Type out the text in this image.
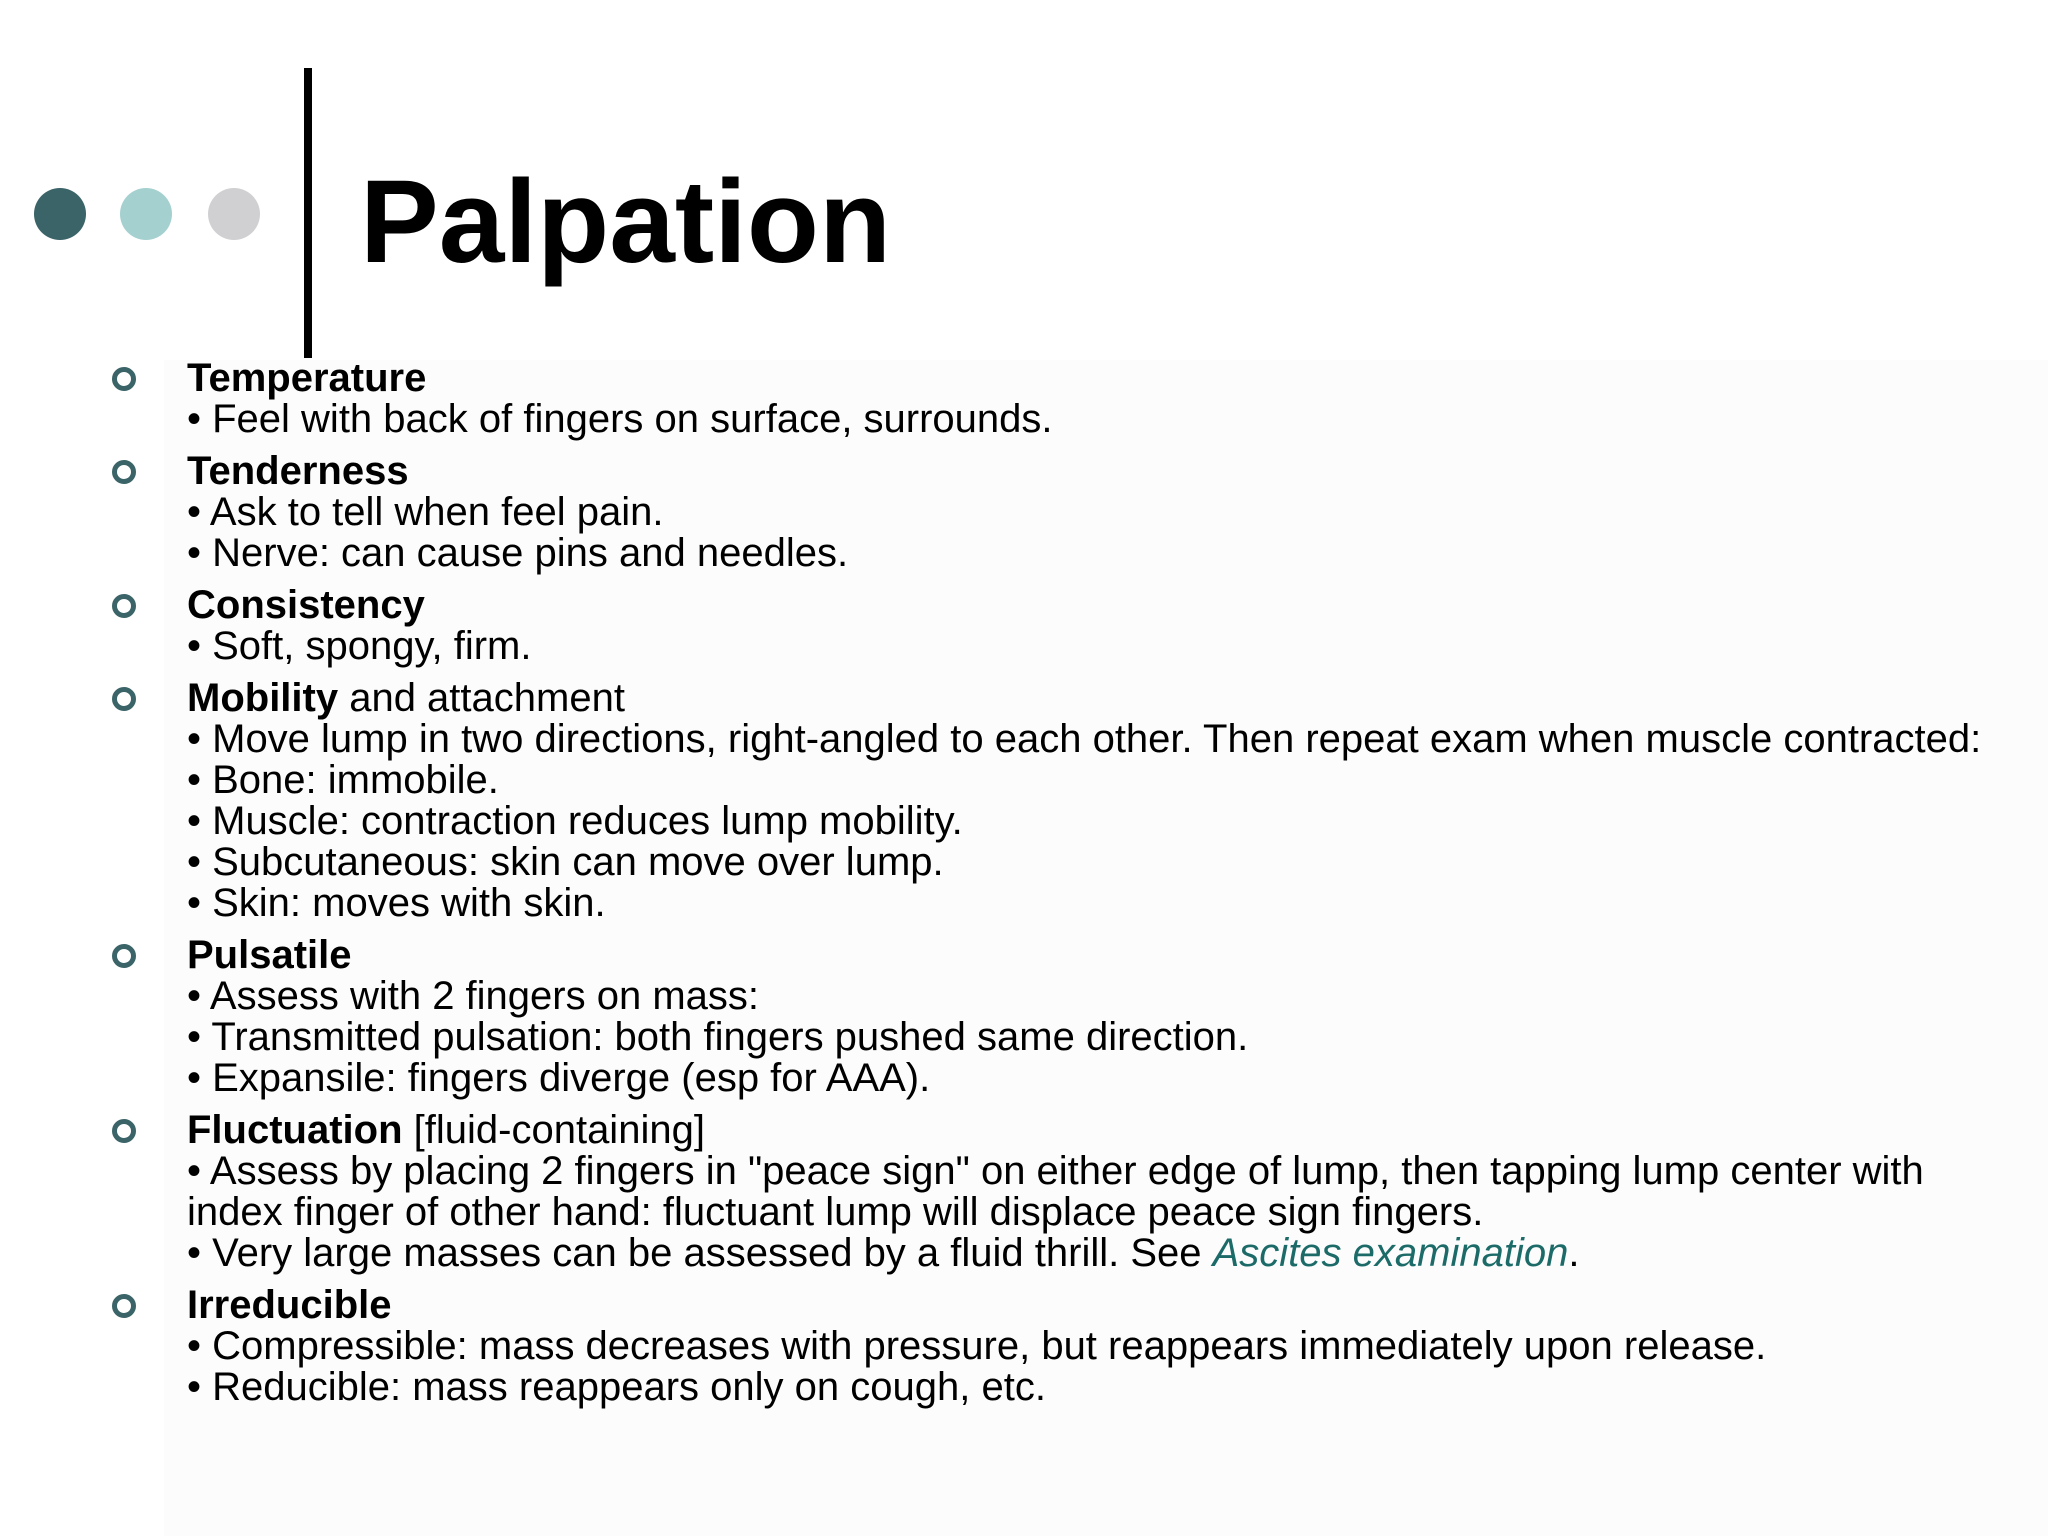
Palpation
Temperature
• Feel with back of fingers on surface, surrounds.
Tenderness
• Ask to tell when feel pain.
• Nerve: can cause pins and needles.
Consistency
• Soft, spongy, firm.
Mobility and attachment
• Move lump in two directions, right-angled to each other. Then repeat exam when muscle contracted:
• Bone: immobile.
• Muscle: contraction reduces lump mobility.
• Subcutaneous: skin can move over lump.
• Skin: moves with skin.
Pulsatile
• Assess with 2 fingers on mass:
• Transmitted pulsation: both fingers pushed same direction.
• Expansile: fingers diverge (esp for AAA).
Fluctuation [fluid-containing]
• Assess by placing 2 fingers in "peace sign" on either edge of lump, then tapping lump center with index finger of other hand: fluctuant lump will displace peace sign fingers.
• Very large masses can be assessed by a fluid thrill. See Ascites examination.
Irreducible
• Compressible: mass decreases with pressure, but reappears immediately upon release.
• Reducible: mass reappears only on cough, etc.
